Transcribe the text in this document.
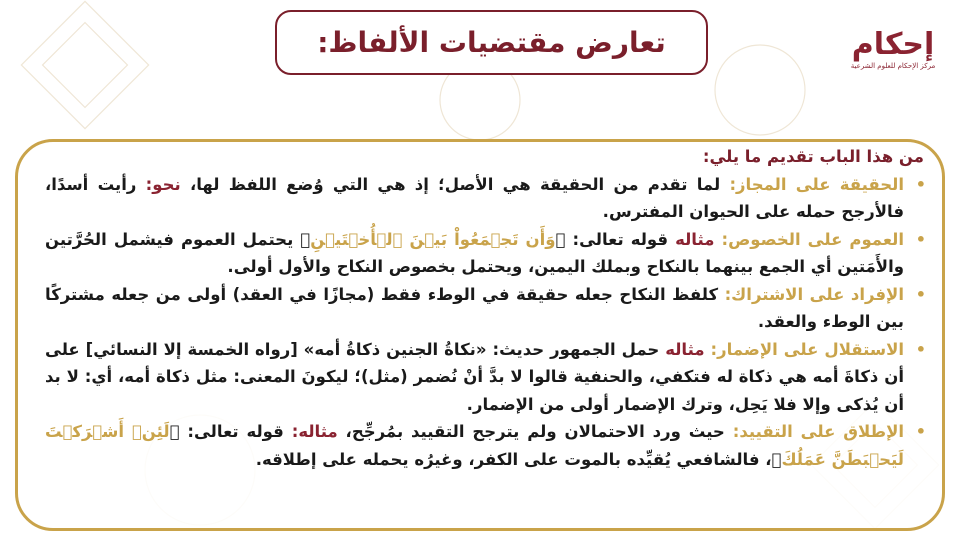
تعارض مقتضيات الألفاظ:	إحكام
مركز الإحكام للعلوم الشرعية
من هذا الباب تقديم ما يلي:
•
الحقيقة على المجاز: لما تقدم من الحقيقة هي الأصل؛ إذ هي التي وُضع اللفظ لها، نحو: رأيت أسدًا، فالأرجح حمله على الحيوان المفترس.
•
العموم على الخصوص: مثاله قوله تعالى: ﴿وَأَن تَجۡمَعُواْ بَيۡنَ ٱلۡأُخۡتَيۡنِ﴾ يحتمل العموم فيشمل الحُرَّتين والأَمَتين أي الجمع بينهما بالنكاح وبملك اليمين، ويحتمل بخصوص النكاح والأول أولى.
•
الإفراد على الاشتراك: كلفظ النكاح جعله حقيقة في الوطء فقط (مجازًا في العقد) أولى من جعله مشتركًا بين الوطء والعقد.
•
الاستقلال على الإضمار: مثاله حمل الجمهور حديث: «نكاةُ الجنين ذكاةُ أمه» [رواه الخمسة إلا النسائي] على أن ذكاةَ أمه هي ذكاة له فتكفي، والحنفية قالوا لا بدَّ أنْ نُضمر (مثل)؛ ليكونَ المعنى: مثل ذكاة أمه، أي: لا بد أن يُذكى وإلا فلا يَحِل، وترك الإضمار أولى من الإضمار.
•
الإطلاق على التقييد: حيث ورد الاحتمالان ولم يترجح التقييد بمُرجِّح، مثاله: قوله تعالى: ﴿لَئِنۡ أَشۡرَكۡتَ لَيَحۡبَطَنَّ عَمَلُكَ﴾، فالشافعي يُقيِّده بالموت على الكفر، وغيرُه يحمله على إطلاقه.
